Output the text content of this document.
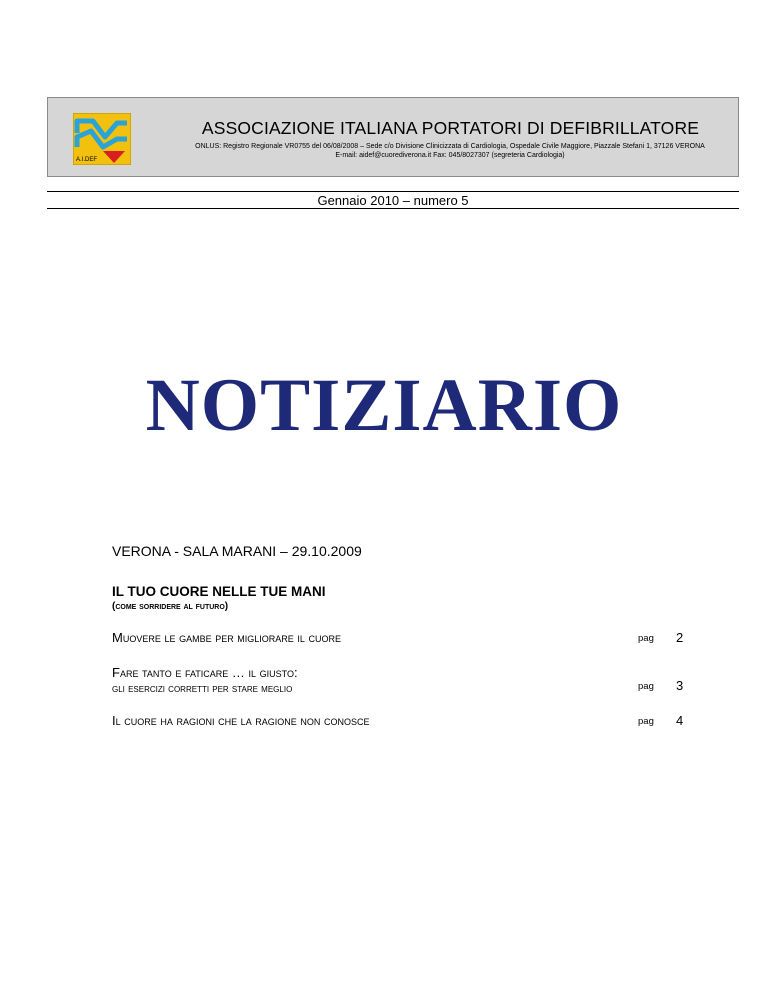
A.I.DEF
ASSOCIAZIONE ITALIANA PORTATORI DI DEFIBRILLATORE
ONLUS: Registro Regionale VR0755 del 06/08/2008 – Sede c/o Divisione Clinicizzata di Cardiologia, Ospedale Civile Maggiore, Piazzale Stefani 1, 37126 VERONA
E-mail: aidef@cuorediverona.it Fax: 045/8027307 (segreteria Cardiologia)
Gennaio 2010 – numero 5
NOTIZIARIO
VERONA - SALA MARANI – 29.10.2009
IL TUO CUORE NELLE TUE MANI
(come sorridere al futuro)
Muovere le gambe per migliorare il cuore	pag 2
Fare tanto e faticare … il giusto:
gli esercizi corretti per stare meglio	pag 3
Il cuore ha ragioni che la ragione non conosce	pag 4
